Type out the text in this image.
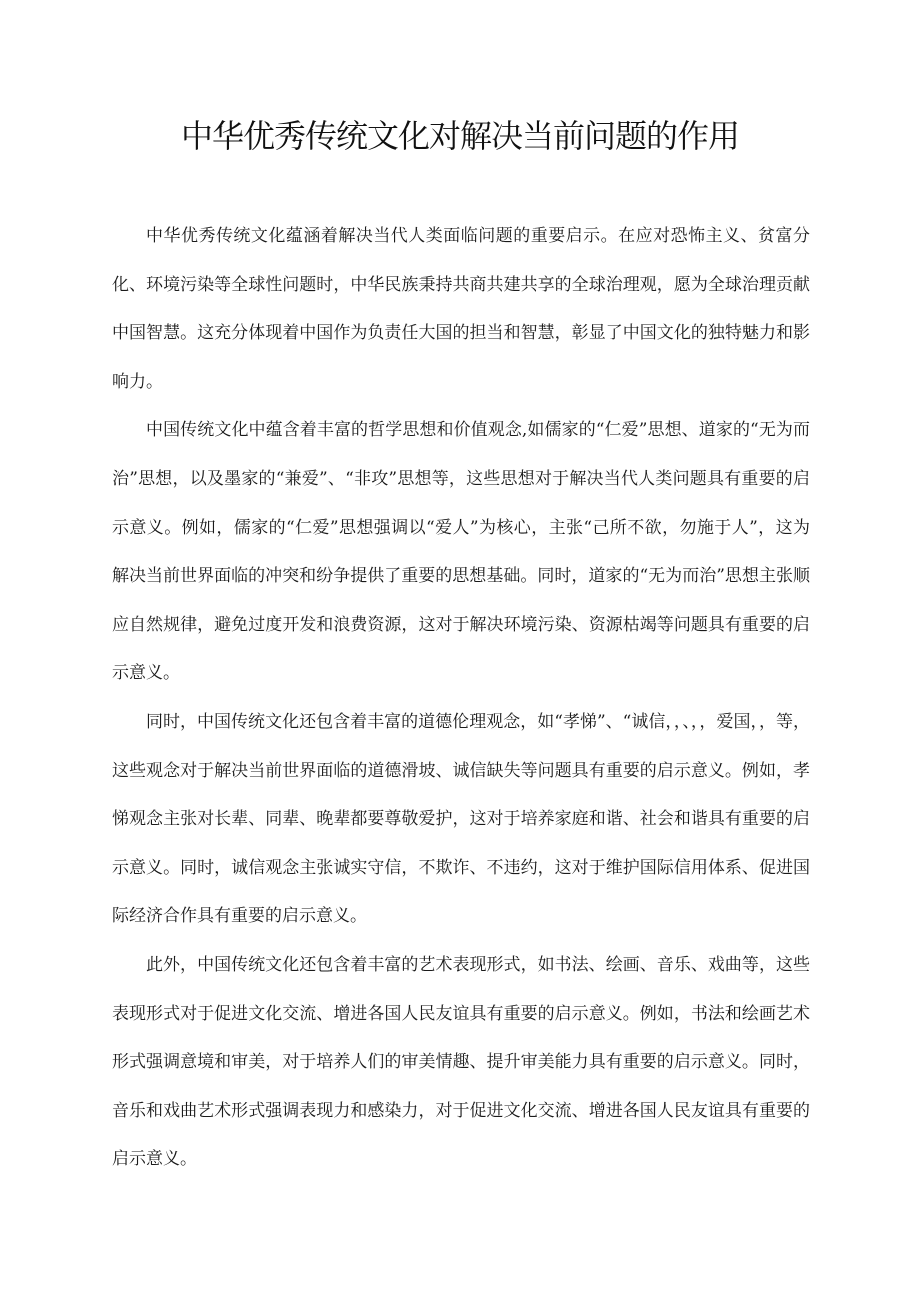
中华优秀传统文化对解决当前问题的作用

中华优秀传统文化蕴涵着解决当代人类面临问题的重要启示。在应对恐怖主义、贫富分化、环境污染等全球性问题时，中华民族秉持共商共建共享的全球治理观，愿为全球治理贡献中国智慧。这充分体现着中国作为负责任大国的担当和智慧，彰显了中国文化的独特魅力和影响力。

中国传统文化中蕴含着丰富的哲学思想和价值观念,如儒家的“仁爱”思想、道家的“无为而治”思想，以及墨家的“兼爱”、“非攻”思想等，这些思想对于解决当代人类问题具有重要的启示意义。例如，儒家的“仁爱”思想强调以“爱人”为核心，主张“己所不欲，勿施于人”，这为解决当前世界面临的冲突和纷争提供了重要的思想基础。同时，道家的“无为而治”思想主张顺应自然规律，避免过度开发和浪费资源，这对于解决环境污染、资源枯竭等问题具有重要的启示意义。

同时，中国传统文化还包含着丰富的道德伦理观念，如“孝悌”、“诚信，，、，，爱国，，等，这些观念对于解决当前世界面临的道德滑坡、诚信缺失等问题具有重要的启示意义。例如，孝悌观念主张对长辈、同辈、晚辈都要尊敬爱护，这对于培养家庭和谐、社会和谐具有重要的启示意义。同时，诚信观念主张诚实守信，不欺诈、不违约，这对于维护国际信用体系、促进国际经济合作具有重要的启示意义。

此外，中国传统文化还包含着丰富的艺术表现形式，如书法、绘画、音乐、戏曲等，这些表现形式对于促进文化交流、增进各国人民友谊具有重要的启示意义。例如，书法和绘画艺术形式强调意境和审美，对于培养人们的审美情趣、提升审美能力具有重要的启示意义。同时，音乐和戏曲艺术形式强调表现力和感染力，对于促进文化交流、增进各国人民友谊具有重要的启示意义。
